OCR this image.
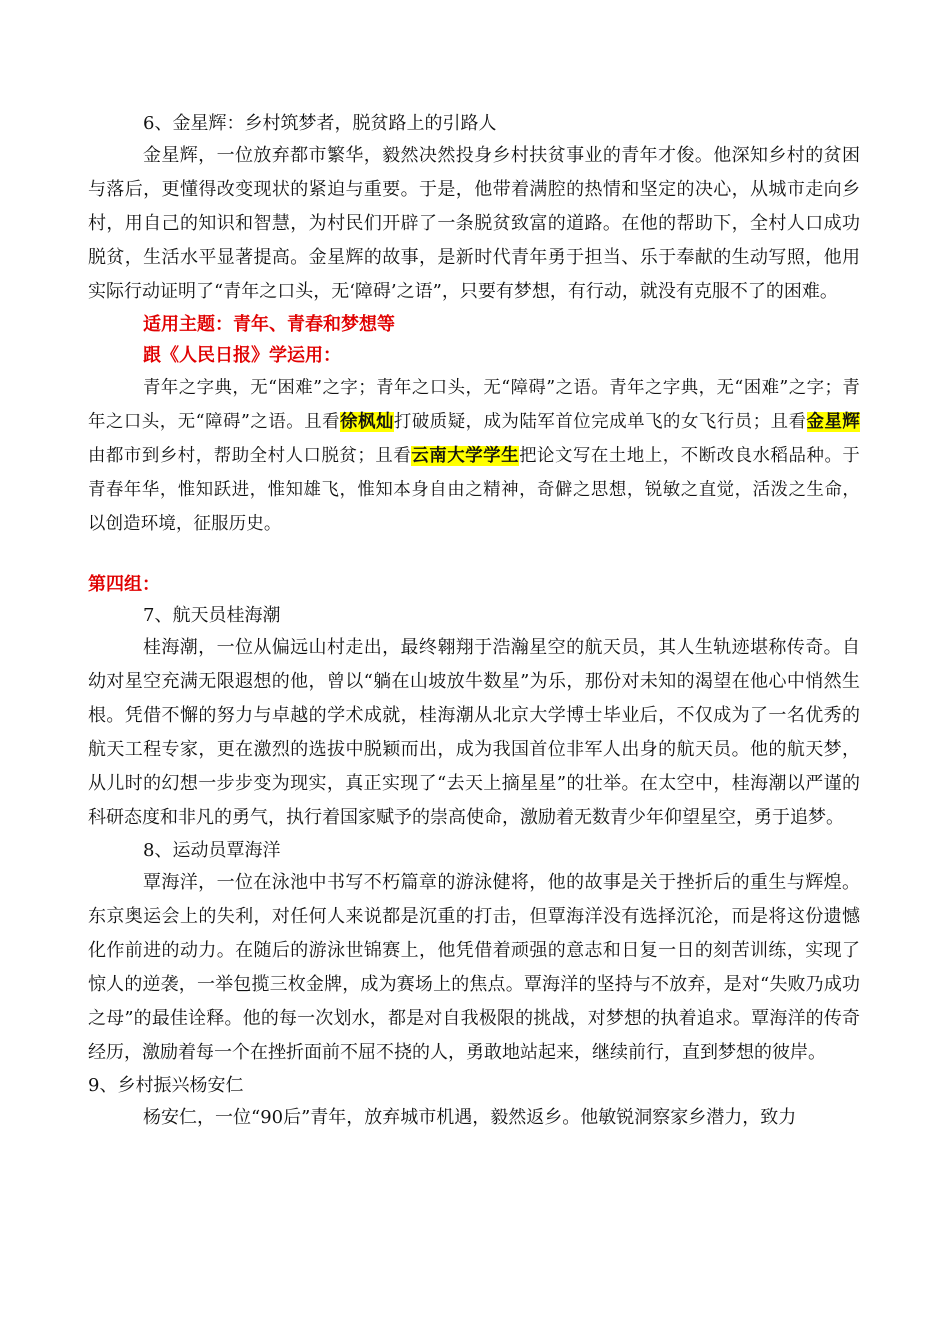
6、金星辉：乡村筑梦者，脱贫路上的引路人

金星辉，一位放弃都市繁华，毅然决然投身乡村扶贫事业的青年才俊。他深知乡村的贫困与落后，更懂得改变现状的紧迫与重要。于是，他带着满腔的热情和坚定的决心，从城市走向乡村，用自己的知识和智慧，为村民们开辟了一条脱贫致富的道路。在他的帮助下，全村人口成功脱贫，生活水平显著提高。金星辉的故事，是新时代青年勇于担当、乐于奉献的生动写照，他用实际行动证明了“青年之口头，无‘障碍’之语”，只要有梦想，有行动，就没有克服不了的困难。

适用主题：青年、青春和梦想等

跟《人民日报》学运用：

青年之字典，无“困难”之字；青年之口头，无“障碍”之语。青年之字典，无“困难”之字；青年之口头，无“障碍”之语。且看徐枫灿打破质疑，成为陆军首位完成单飞的女飞行员；且看金星辉由都市到乡村，帮助全村人口脱贫；且看云南大学学生把论文写在土地上，不断改良水稻品种。于青春年华，惟知跃进，惟知雄飞，惟知本身自由之精神，奇僻之思想，锐敏之直觉，活泼之生命，以创造环境，征服历史。

第四组：

7、航天员桂海潮

桂海潮，一位从偏远山村走出，最终翱翔于浩瀚星空的航天员，其人生轨迹堪称传奇。自幼对星空充满无限遐想的他，曾以“躺在山坡放牛数星”为乐，那份对未知的渴望在他心中悄然生根。凭借不懈的努力与卓越的学术成就，桂海潮从北京大学博士毕业后，不仅成为了一名优秀的航天工程专家，更在激烈的选拔中脱颖而出，成为我国首位非军人出身的航天员。他的航天梦，从儿时的幻想一步步变为现实，真正实现了“去天上摘星星”的壮举。在太空中，桂海潮以严谨的科研态度和非凡的勇气，执行着国家赋予的崇高使命，激励着无数青少年仰望星空，勇于追梦。

8、运动员覃海洋

覃海洋，一位在泳池中书写不朽篇章的游泳健将，他的故事是关于挫折后的重生与辉煌。东京奥运会上的失利，对任何人来说都是沉重的打击，但覃海洋没有选择沉沦，而是将这份遗憾化作前进的动力。在随后的游泳世锦赛上，他凭借着顽强的意志和日复一日的刻苦训练，实现了惊人的逆袭，一举包揽三枚金牌，成为赛场上的焦点。覃海洋的坚持与不放弃，是对“失败乃成功之母”的最佳诠释。他的每一次划水，都是对自我极限的挑战，对梦想的执着追求。覃海洋的传奇经历，激励着每一个在挫折面前不屈不挠的人，勇敢地站起来，继续前行，直到梦想的彼岸。

9、乡村振兴杨安仁

杨安仁，一位“90后”青年，放弃城市机遇，毅然返乡。他敏锐洞察家乡潜力，致力
